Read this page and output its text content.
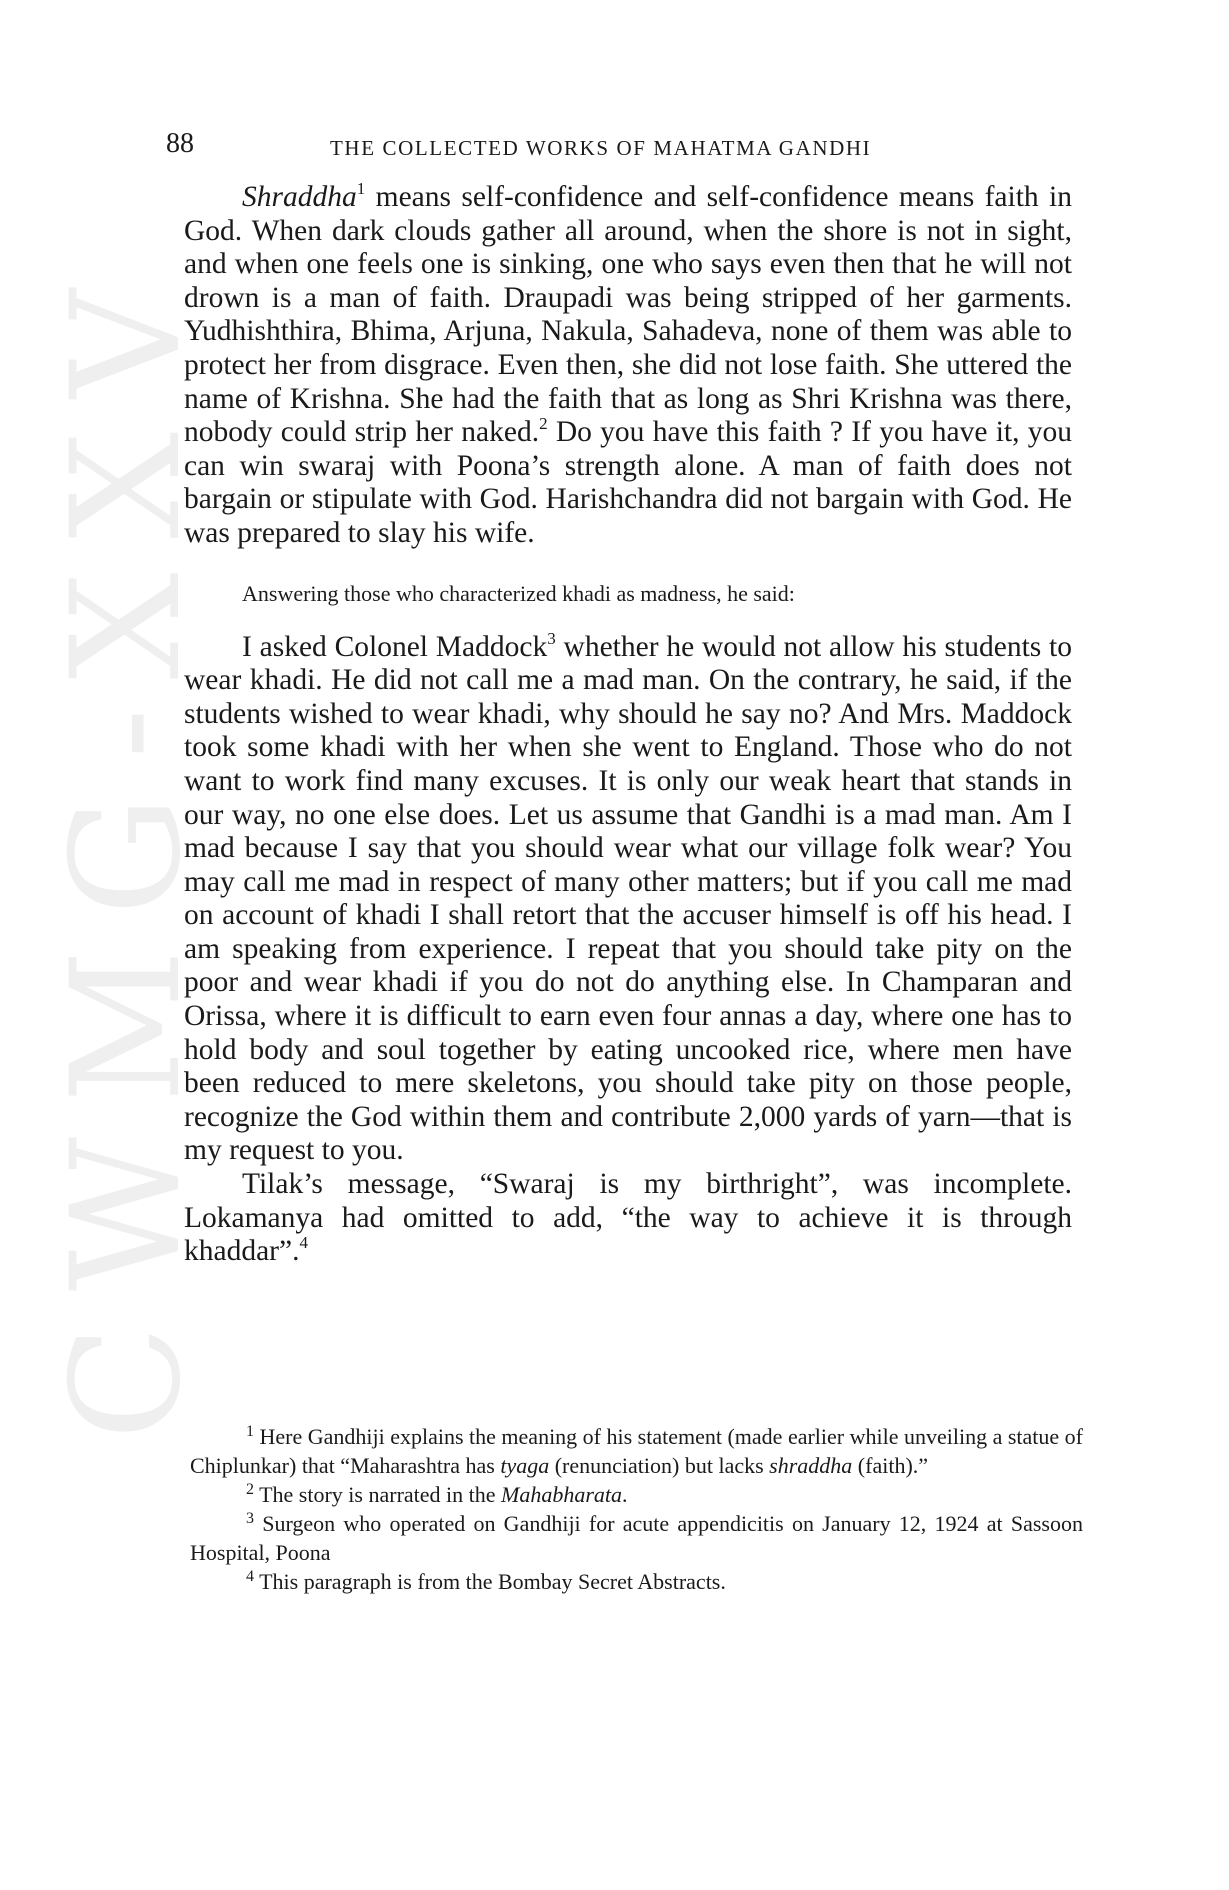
CWMG-XXV
88	THE COLLECTED WORKS OF MAHATMA GANDHI

Shraddha$^1$ means self-confidence and self-confidence means faith in God. When dark clouds gather all around, when the shore is not in sight, and when one feels one is sinking, one who says even then that he will not drown is a man of faith. Draupadi was being stripped of her garments. Yudhishthira, Bhima, Arjuna, Nakula, Sahadeva, none of them was able to protect her from disgrace. Even then, she did not lose faith. She uttered the name of Krishna. She had the faith that as long as Shri Krishna was there, nobody could strip her naked.$^2$ Do you have this faith ? If you have it, you can win swaraj with Poona’s strength alone. A man of faith does not bargain or stipulate with God. Harishchandra did not bargain with God. He was prepared to slay his wife.

Answering those who characterized khadi as madness, he said:

I asked Colonel Maddock$^3$ whether he would not allow his students to wear khadi. He did not call me a mad man. On the contrary, he said, if the students wished to wear khadi, why should he say no? And Mrs. Maddock took some khadi with her when she went to England. Those who do not want to work find many excuses. It is only our weak heart that stands in our way, no one else does. Let us assume that Gandhi is a mad man. Am I mad because I say that you should wear what our village folk wear? You may call me mad in respect of many other matters; but if you call me mad on account of khadi I shall retort that the accuser himself is off his head. I am speaking from experience. I repeat that you should take pity on the poor and wear khadi if you do not do anything else. In Champaran and Orissa, where it is difficult to earn even four annas a day, where one has to hold body and soul together by eating uncooked rice, where men have been reduced to mere skeletons, you should take pity on those people, recognize the God within them and contribute 2,000 yards of yarn—that is my request to you.

Tilak’s message, “Swaraj is my birthright”, was incomplete. Lokamanya had omitted to add, “the way to achieve it is through khaddar”.$^4$

$^1$ Here Gandhiji explains the meaning of his statement (made earlier while unveiling a statue of Chiplunkar) that “Maharashtra has tyaga (renunciation) but lacks shraddha (faith).”

$^2$ The story is narrated in the Mahabharata.

$^3$ Surgeon who operated on Gandhiji for acute appendicitis on January 12, 1924 at Sassoon Hospital, Poona

$^4$ This paragraph is from the Bombay Secret Abstracts.
